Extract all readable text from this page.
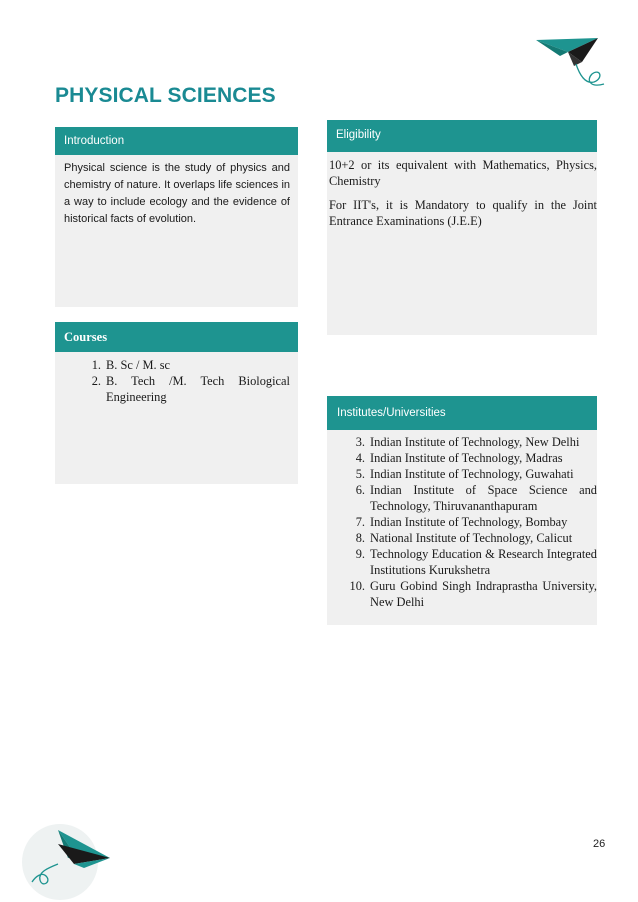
PHYSICAL SCIENCES
Introduction
Physical science is the study of physics and chemistry of nature. It overlaps life sciences in a way to include ecology and the evidence of historical facts of evolution.
Eligibility

10+2 or its equivalent with Mathematics, Physics, Chemistry

For IIT's, it is Mandatory to qualify in the Joint Entrance Examinations (J.E.E)

Courses
1. B. Sc / M. sc
2. B. Tech /M. Tech Biological Engineering
Institutes/Universities
3. Indian Institute of Technology, New Delhi
4. Indian Institute of Technology, Madras
5. Indian Institute of Technology, Guwahati
6. Indian Institute of Space Science and Technology, Thiruvananthapuram
7. Indian Institute of Technology, Bombay
8. National Institute of Technology, Calicut
9. Technology Education & Research Integrated Institutions Kurukshetra
10. Guru Gobind Singh Indraprastha University, New Delhi
26
